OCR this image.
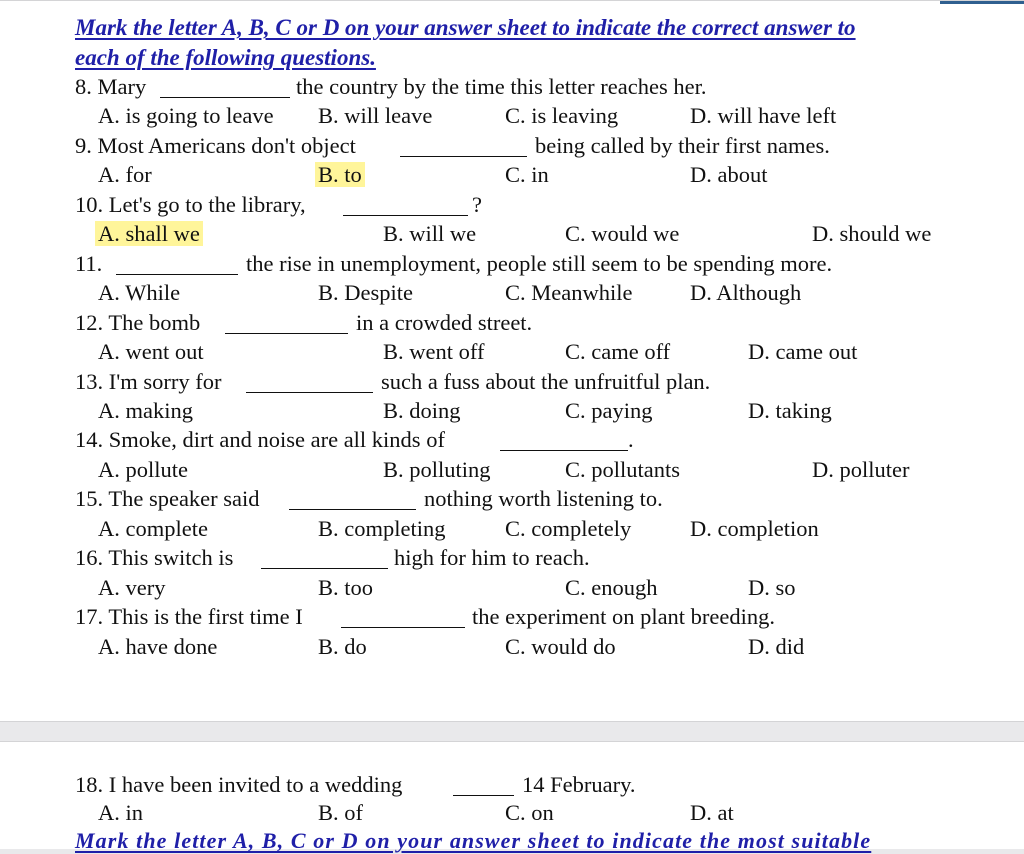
Mark the letter A, B, C or D on your answer sheet to indicate the correct answer to
each of the following questions.
8. Mary	the country by the time this letter reaches her.
A. is going to leave B. will leave	C. is leaving	D. will have left
9. Most Americans don't object	being called by their first names.
A. for	B. to	C. in	D. about
10. Let's go to the library,	?
A. shall we	B. will we	C. would we	D. should we
11.	the rise in unemployment, people still seem to be spending more.
A. While	B. Despite	C. Meanwhile	D. Although
12. The bomb	in a crowded street.
A. went out	B. went off	C. came off	D. came out
13. I'm sorry for	such a fuss about the unfruitful plan.
A. making	B. doing	C. paying	D. taking
14. Smoke, dirt and noise are all kinds of	.
A. pollute	B. polluting	C. pollutants	D. polluter
15. The speaker said	nothing worth listening to.
A. complete	B. completing	C. completely	D. completion
16. This switch is	high for him to reach.
A. very	B. too	C. enough	D. so
17. This is the first time I	the experiment on plant breeding.
A. have done	B. do	C. would do	D. did
18. I have been invited to a wedding	14 February.
A. in	B. of	C. on	D. at
Mark the letter A, B, C or D on your answer sheet to indicate the most suitable
